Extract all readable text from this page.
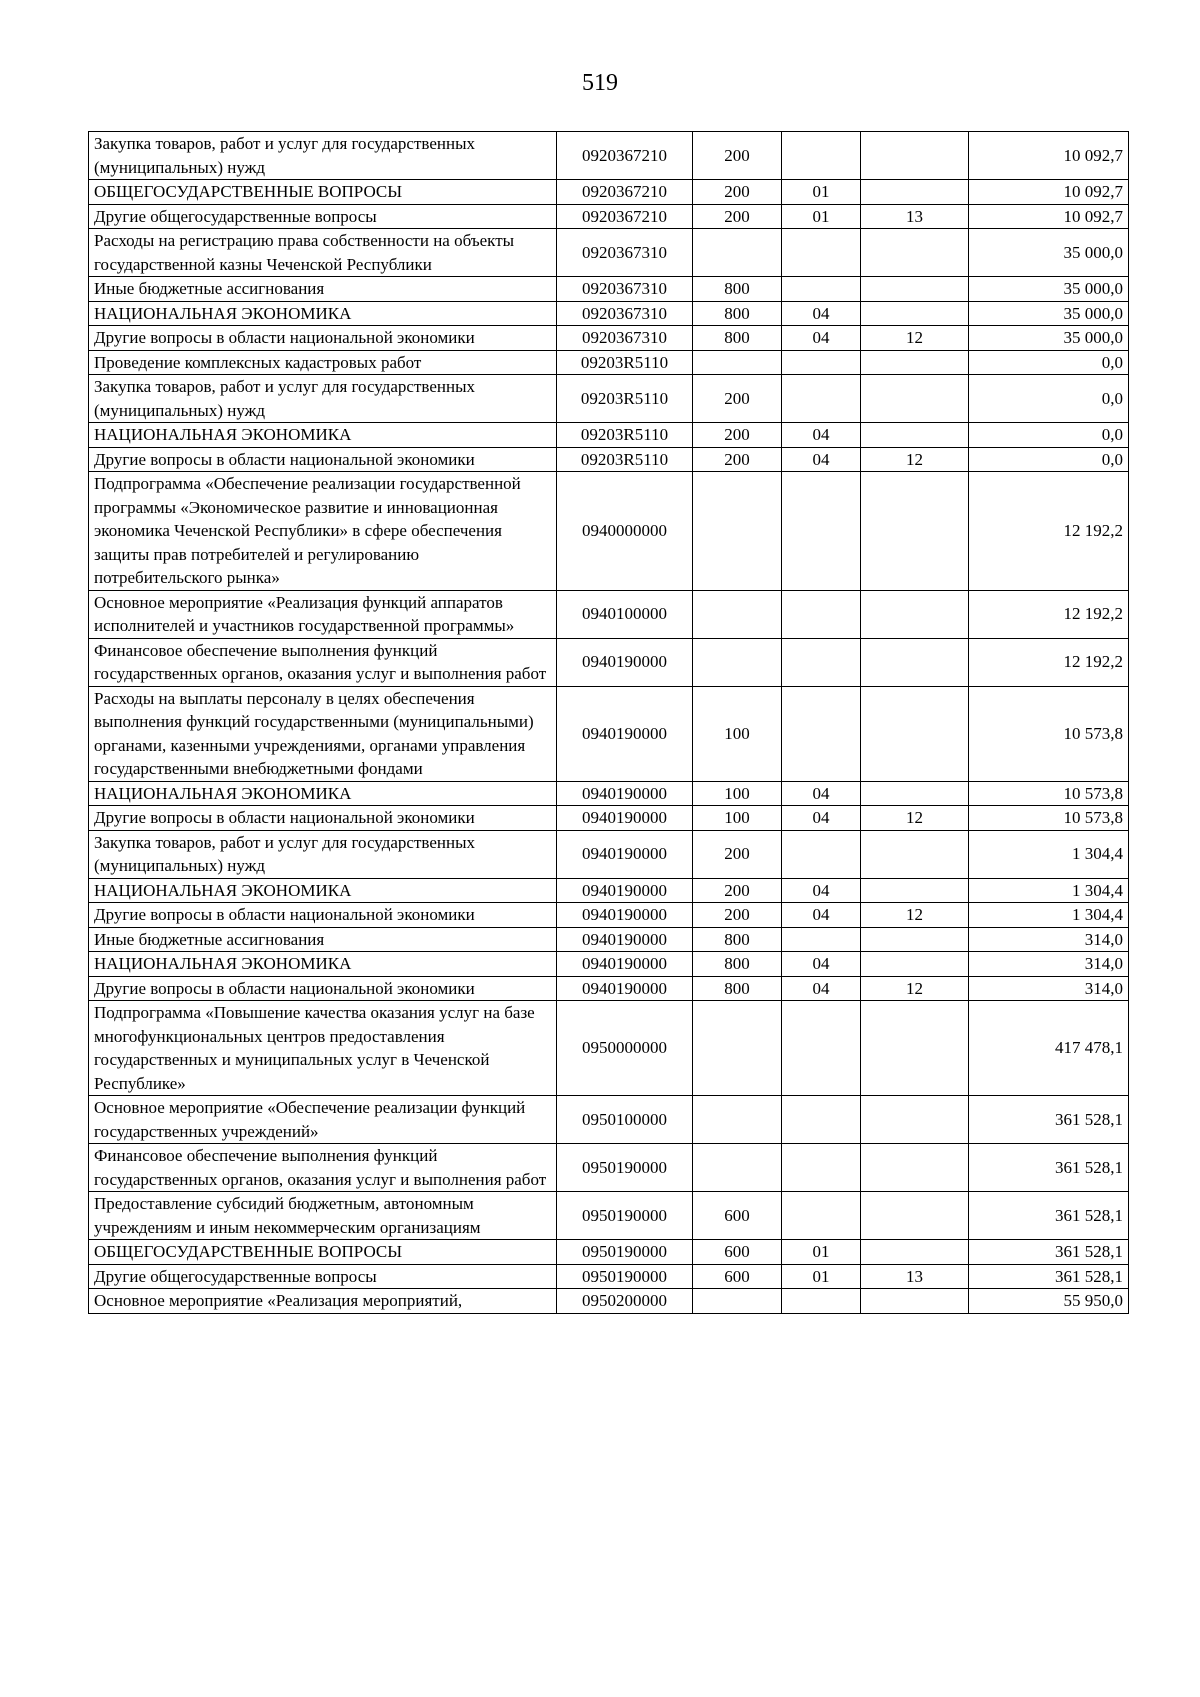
519
Закупка товаров, работ и услуг для государственных (муниципальных) нужд	0920367210	200			10 092,7
ОБЩЕГОСУДАРСТВЕННЫЕ ВОПРОСЫ	0920367210	200	01		10 092,7
Другие общегосударственные вопросы	0920367210	200	01	13	10 092,7
Расходы на регистрацию права собственности на объекты государственной казны Чеченской Республики	0920367310				35 000,0
Иные бюджетные ассигнования	0920367310	800			35 000,0
НАЦИОНАЛЬНАЯ ЭКОНОМИКА	0920367310	800	04		35 000,0
Другие вопросы в области национальной экономики	0920367310	800	04	12	35 000,0
Проведение комплексных кадастровых работ	09203R5110				0,0
Закупка товаров, работ и услуг для государственных (муниципальных) нужд	09203R5110	200			0,0
НАЦИОНАЛЬНАЯ ЭКОНОМИКА	09203R5110	200	04		0,0
Другие вопросы в области национальной экономики	09203R5110	200	04	12	0,0
Подпрограмма «Обеспечение реализации государственной программы «Экономическое развитие и инновационная экономика Чеченской Республики» в сфере обеспечения защиты прав потребителей и регулированию потребительского рынка»	0940000000				12 192,2
Основное мероприятие «Реализация функций аппаратов исполнителей и участников государственной программы»	0940100000				12 192,2
Финансовое обеспечение выполнения функций государственных органов, оказания услуг и выполнения работ	0940190000				12 192,2
Расходы на выплаты персоналу в целях обеспечения выполнения функций государственными (муниципальными) органами, казенными учреждениями, органами управления государственными внебюджетными фондами	0940190000	100			10 573,8
НАЦИОНАЛЬНАЯ ЭКОНОМИКА	0940190000	100	04		10 573,8
Другие вопросы в области национальной экономики	0940190000	100	04	12	10 573,8
Закупка товаров, работ и услуг для государственных (муниципальных) нужд	0940190000	200			1 304,4
НАЦИОНАЛЬНАЯ ЭКОНОМИКА	0940190000	200	04		1 304,4
Другие вопросы в области национальной экономики	0940190000	200	04	12	1 304,4
Иные бюджетные ассигнования	0940190000	800			314,0
НАЦИОНАЛЬНАЯ ЭКОНОМИКА	0940190000	800	04		314,0
Другие вопросы в области национальной экономики	0940190000	800	04	12	314,0
Подпрограмма «Повышение качества оказания услуг на базе многофункциональных центров предоставления государственных и муниципальных услуг в Чеченской Республике»	0950000000				417 478,1
Основное мероприятие «Обеспечение реализации функций государственных учреждений»	0950100000				361 528,1
Финансовое обеспечение выполнения функций государственных органов, оказания услуг и выполнения работ	0950190000				361 528,1
Предоставление субсидий бюджетным, автономным учреждениям и иным некоммерческим организациям	0950190000	600			361 528,1
ОБЩЕГОСУДАРСТВЕННЫЕ ВОПРОСЫ	0950190000	600	01		361 528,1
Другие общегосударственные вопросы	0950190000	600	01	13	361 528,1
Основное мероприятие «Реализация мероприятий,	0950200000				55 950,0
